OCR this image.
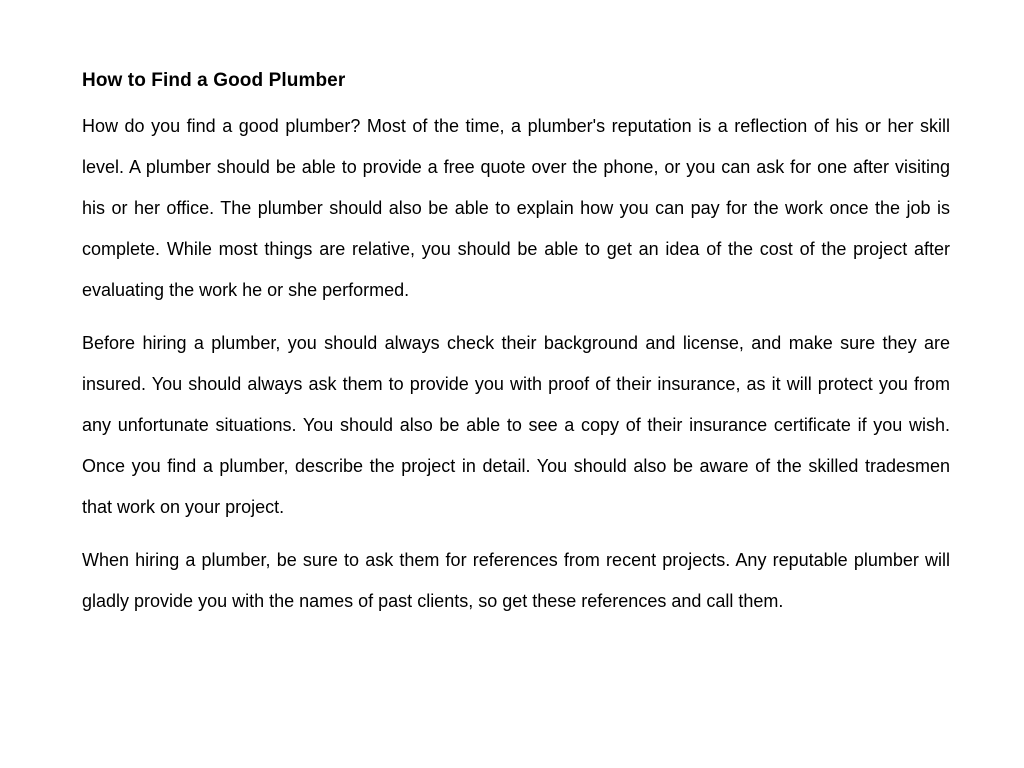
How to Find a Good Plumber

How do you find a good plumber? Most of the time, a plumber's reputation is a reflection of his or her skill level. A plumber should be able to provide a free quote over the phone, or you can ask for one after visiting his or her office. The plumber should also be able to explain how you can pay for the work once the job is complete. While most things are relative, you should be able to get an idea of the cost of the project after evaluating the work he or she performed.

Before hiring a plumber, you should always check their background and license, and make sure they are insured. You should always ask them to provide you with proof of their insurance, as it will protect you from any unfortunate situations. You should also be able to see a copy of their insurance certificate if you wish. Once you find a plumber, describe the project in detail. You should also be aware of the skilled tradesmen that work on your project.

When hiring a plumber, be sure to ask them for references from recent projects. Any reputable plumber will gladly provide you with the names of past clients, so get these references and call them.
